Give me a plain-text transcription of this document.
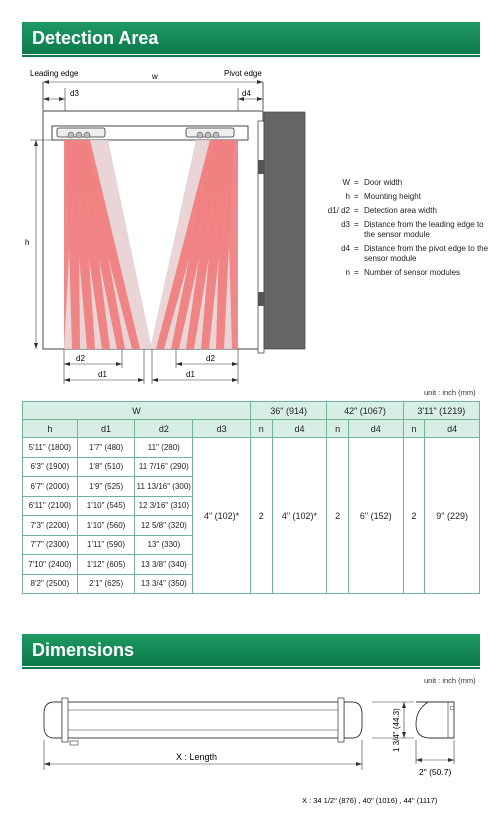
Detection Area
Leading edge	Pivot edge
w
d3	d4
h
d2	d2
d1	d1
W = Door width
h = Mounting height
d1/ d2 = Detection area width
d3 = Distance from the leading edge to the sensor module
d4 = Distance from the pivot edge to the sensor module
n = Number of sensor modules
unit : inch (mm)
W				36" (914)		42" (1067)		3'11" (1219)	
h	d1	d2	d3	n	d4	n	d4	n	d4
5'11" (1800)	1'7" (480)	11" (280)	4" (102)*	2	4" (102)*	2	6" (152)	2	9" (229)
6'3" (1900)	1'8" (510)	11 7/16" (290)							
6'7" (2000)	1'9" (525)	11 13/16" (300)							
6'11" (2100)	1'10" (545)	12 3/16" (310)							
7'3" (2200)	1'10" (560)	12 5/8" (320)							
7'7" (2300)	1'11" (590)	13" (330)							
7'10" (2400)	1'12" (605)	13 3/8" (340)							
8'2" (2500)	2'1" (625)	13 3/4" (350)							
Dimensions
unit : inch (mm)
X : Length
1 3/4" (44.3)
2" (50.7)
X : 34 1/2" (876) , 40" (1016) , 44" (1117)
